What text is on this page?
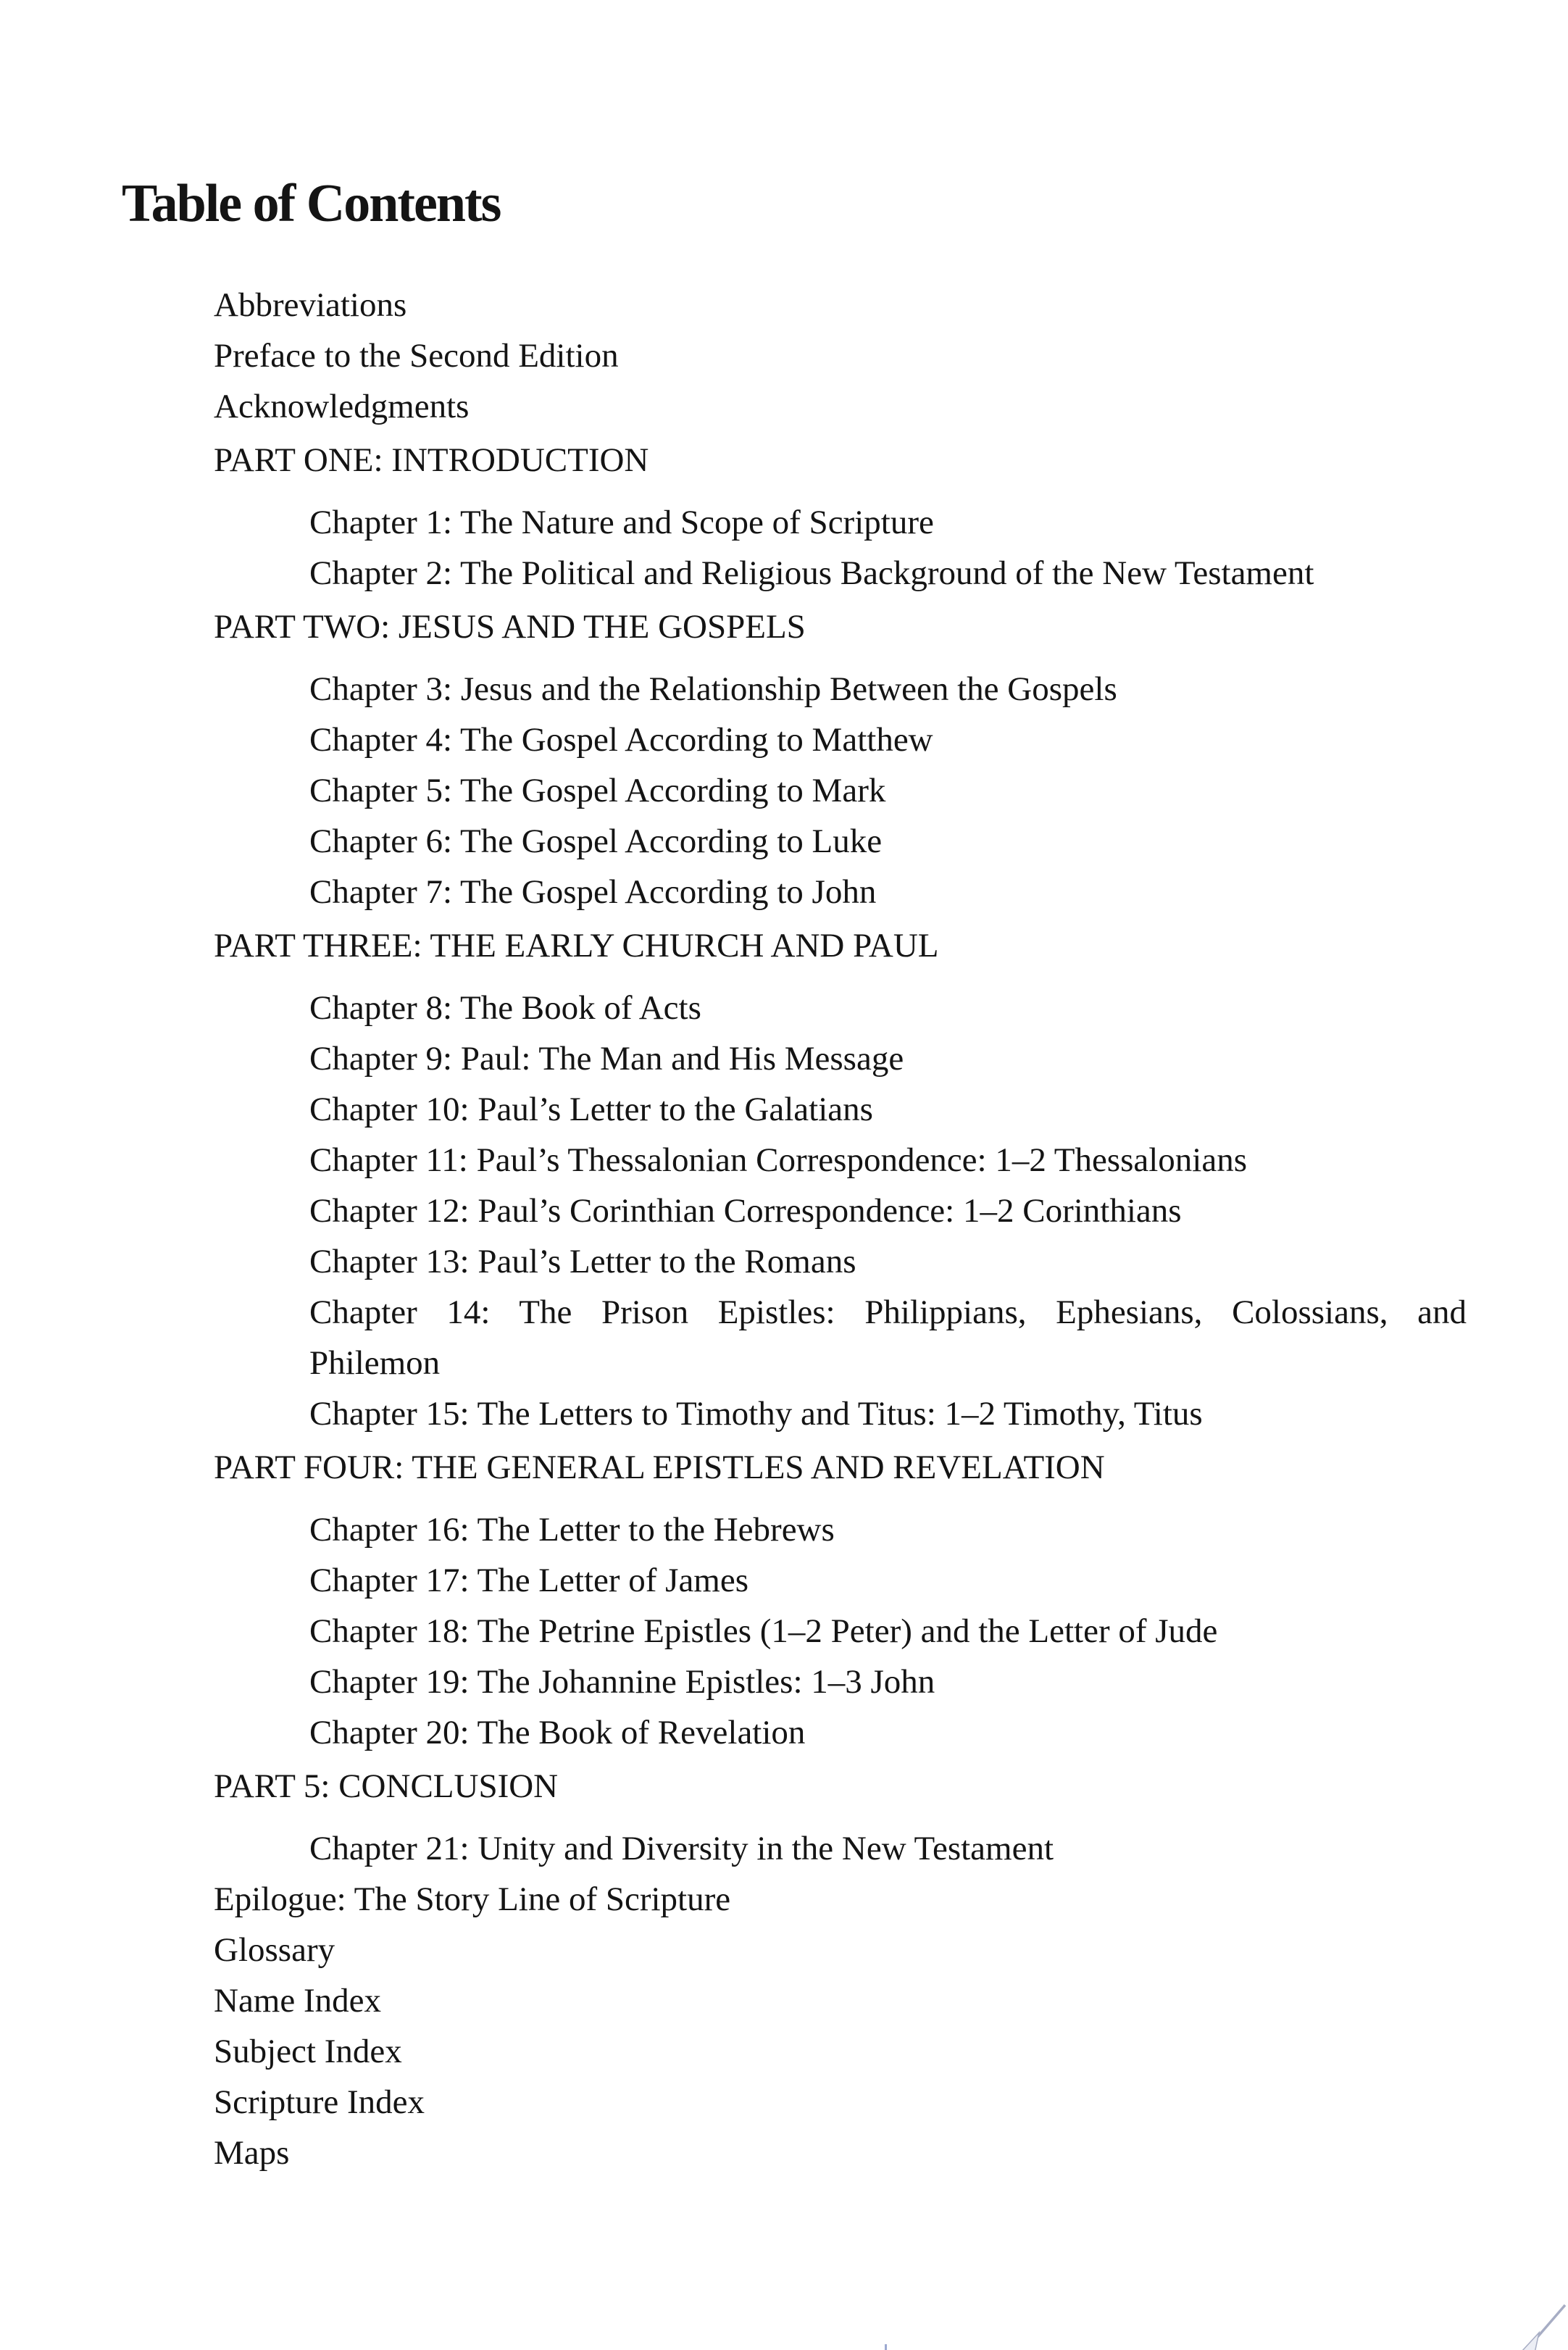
Table of Contents
Abbreviations
Preface to the Second Edition
Acknowledgments
PART ONE: INTRODUCTION
Chapter 1: The Nature and Scope of Scripture
Chapter 2: The Political and Religious Background of the New Testament
PART TWO: JESUS AND THE GOSPELS
Chapter 3: Jesus and the Relationship Between the Gospels
Chapter 4: The Gospel According to Matthew
Chapter 5: The Gospel According to Mark
Chapter 6: The Gospel According to Luke
Chapter 7: The Gospel According to John
PART THREE: THE EARLY CHURCH AND PAUL
Chapter 8: The Book of Acts
Chapter 9: Paul: The Man and His Message
Chapter 10: Paul’s Letter to the Galatians
Chapter 11: Paul’s Thessalonian Correspondence: 1–2 Thessalonians
Chapter 12: Paul’s Corinthian Correspondence: 1–2 Corinthians
Chapter 13: Paul’s Letter to the Romans
Chapter 14: The Prison Epistles: Philippians, Ephesians, Colossians, and
Philemon
Chapter 15: The Letters to Timothy and Titus: 1–2 Timothy, Titus
PART FOUR: THE GENERAL EPISTLES AND REVELATION
Chapter 16: The Letter to the Hebrews
Chapter 17: The Letter of James
Chapter 18: The Petrine Epistles (1–2 Peter) and the Letter of Jude
Chapter 19: The Johannine Epistles: 1–3 John
Chapter 20: The Book of Revelation
PART 5: CONCLUSION
Chapter 21: Unity and Diversity in the New Testament
Epilogue: The Story Line of Scripture
Glossary
Name Index
Subject Index
Scripture Index
Maps
